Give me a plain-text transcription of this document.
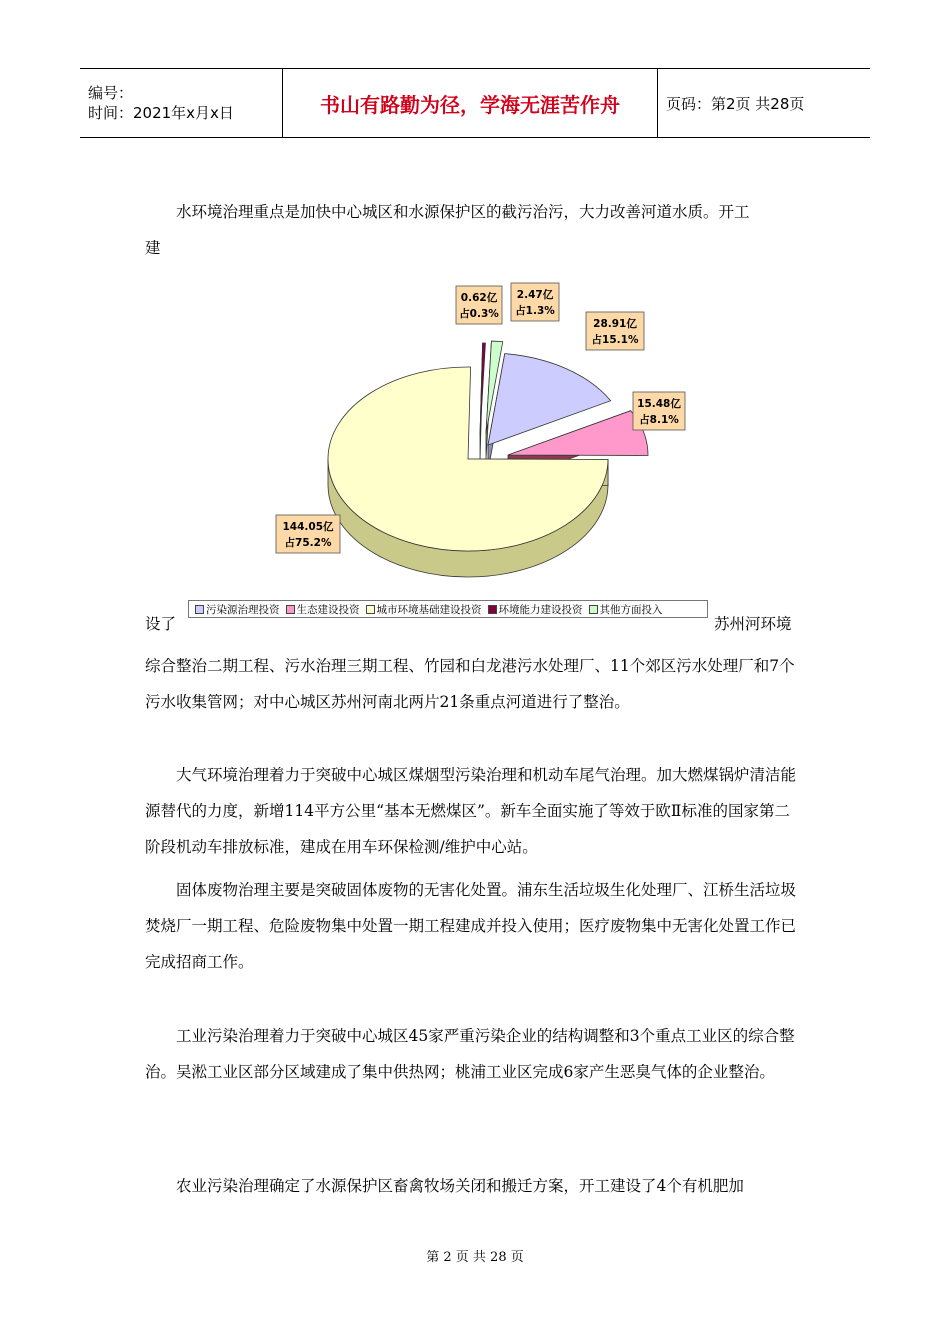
编号：
时间：2021年x月x日	书山有路勤为径，学海无涯苦作舟	页码：第2页 共28页
水环境治理重点是加快中心城区和水源保护区的截污治污，大力改善河道水质。开工
建
28.91亿
占15.1%
15.48亿
占8.1%
144.05亿
占75.2%
0.62亿
占0.3%
2.47亿
占1.3%
污染源治理投资 生态建设投资 城市环境基础建设投资 环境能力建设投资 其他方面投入
设了	苏州河环境
综合整治二期工程、污水治理三期工程、竹园和白龙港污水处理厂、11个郊区污水处理厂和7个污水收集管网；对中心城区苏州河南北两片21条重点河道进行了整治。
大气环境治理着力于突破中心城区煤烟型污染治理和机动车尾气治理。加大燃煤锅炉清洁能源替代的力度，新增114平方公里“基本无燃煤区”。新车全面实施了等效于欧Ⅱ标准的国家第二阶段机动车排放标准，建成在用车环保检测/维护中心站。
固体废物治理主要是突破固体废物的无害化处置。浦东生活垃圾生化处理厂、江桥生活垃圾焚烧厂一期工程、危险废物集中处置一期工程建成并投入使用；医疗废物集中无害化处置工作已完成招商工作。
工业污染治理着力于突破中心城区45家严重污染企业的结构调整和3个重点工业区的综合整治。吴淞工业区部分区域建成了集中供热网；桃浦工业区完成6家产生恶臭气体的企业整治。
农业污染治理确定了水源保护区畜禽牧场关闭和搬迁方案，开工建设了4个有机肥加
第 2 页 共 28 页
